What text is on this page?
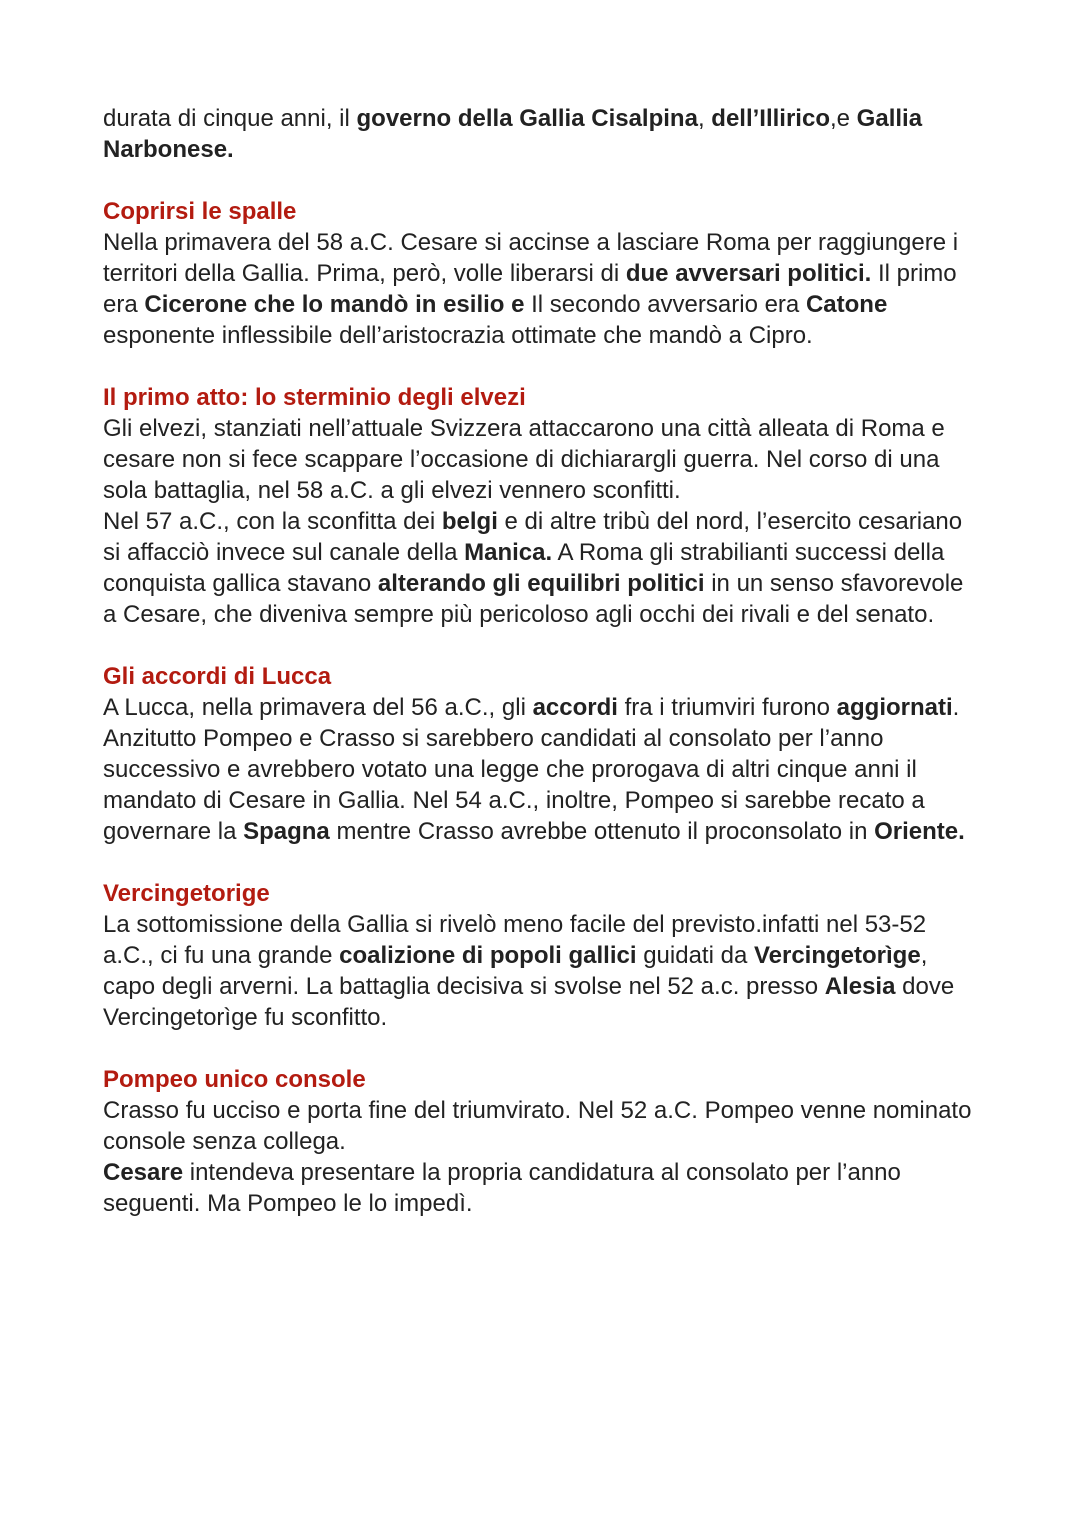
durata di cinque anni, il governo della Gallia Cisalpina, dell’Illirico,e Gallia Narbonese.

Coprirsi le spalle

Nella primavera del 58 a.C. Cesare si accinse a lasciare Roma per raggiungere i territori della Gallia. Prima, però, volle liberarsi di due avversari politici. Il primo era Cicerone che lo mandò in esilio e Il secondo avversario era Catone esponente inflessibile dell’aristocrazia ottimate che mandò a Cipro.

Il primo atto: lo sterminio degli elvezi

Gli elvezi, stanziati nell’attuale Svizzera attaccarono una città alleata di Roma e cesare non si fece scappare l’occasione di dichiarargli guerra. Nel corso di una sola battaglia, nel 58 a.C. a gli elvezi vennero sconfitti.

Nel 57 a.C., con la sconfitta dei belgi e di altre tribù del nord, l’esercito cesariano si affacciò invece sul canale della Manica. A Roma gli strabilianti successi della conquista gallica stavano alterando gli equilibri politici in un senso sfavorevole a Cesare, che diveniva sempre più pericoloso agli occhi dei rivali e del senato.

Gli accordi di Lucca

A Lucca, nella primavera del 56 a.C., gli accordi fra i triumviri furono aggiornati. Anzitutto Pompeo e Crasso si sarebbero candidati al consolato per l’anno successivo e avrebbero votato una legge che prorogava di altri cinque anni il mandato di Cesare in Gallia. Nel 54 a.C., inoltre, Pompeo si sarebbe recato a governare la Spagna mentre Crasso avrebbe ottenuto il proconsolato in Oriente.

Vercingetorige

La sottomissione della Gallia si rivelò meno facile del previsto.infatti nel 53-52 a.C., ci fu una grande coalizione di popoli gallici guidati da Vercingetorìge, capo degli arverni. La battaglia decisiva si svolse nel 52 a.c. presso Alesia dove Vercingetorìge fu sconfitto.

Pompeo unico console

Crasso fu ucciso e porta fine del triumvirato. Nel 52 a.C. Pompeo venne nominato console senza collega.

Cesare intendeva presentare la propria candidatura al consolato per l’anno seguenti. Ma Pompeo le lo impedì.
